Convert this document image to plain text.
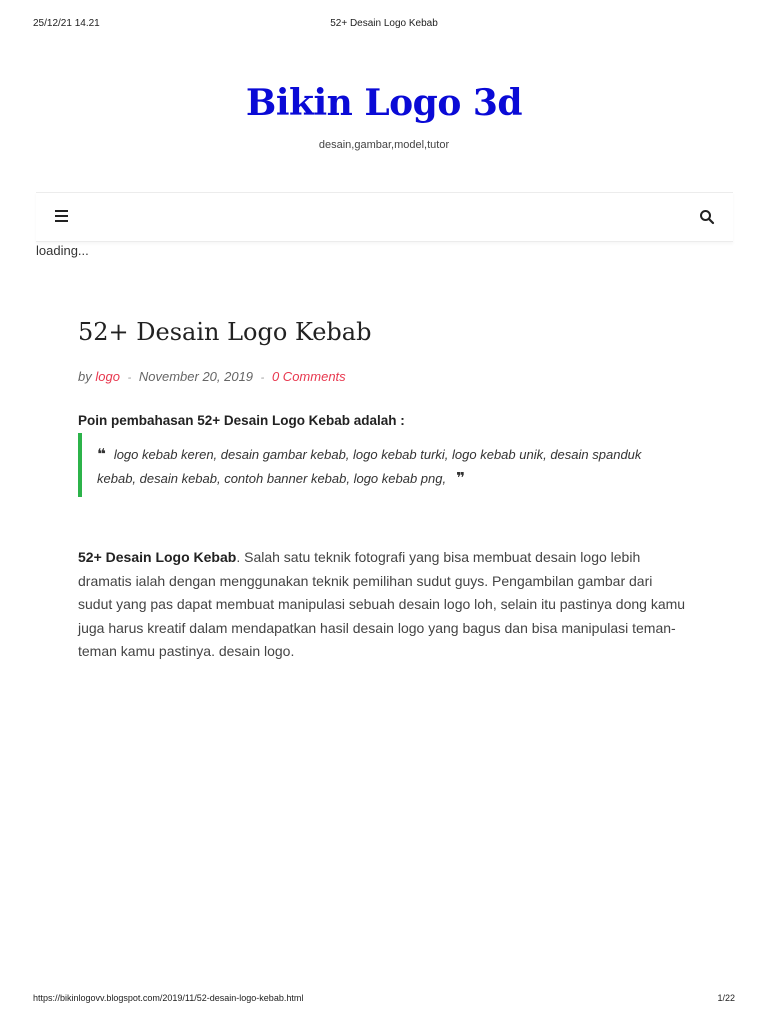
25/12/21 14.21	52+ Desain Logo Kebab
Bikin Logo 3d
desain,gambar,model,tutor
loading...
52+ Desain Logo Kebab
by logo - November 20, 2019 - 0 Comments
Poin pembahasan 52+ Desain Logo Kebab adalah :
❝ logo kebab keren, desain gambar kebab, logo kebab turki, logo kebab unik, desain spanduk kebab, desain kebab, contoh banner kebab, logo kebab png, ❞
52+ Desain Logo Kebab. Salah satu teknik fotografi yang bisa membuat desain logo lebih dramatis ialah dengan menggunakan teknik pemilihan sudut guys. Pengambilan gambar dari sudut yang pas dapat membuat manipulasi sebuah desain logo loh, selain itu pastinya dong kamu juga harus kreatif dalam mendapatkan hasil desain logo yang bagus dan bisa manipulasi teman-teman kamu pastinya. desain logo.
https://bikinlogovv.blogspot.com/2019/11/52-desain-logo-kebab.html	1/22
